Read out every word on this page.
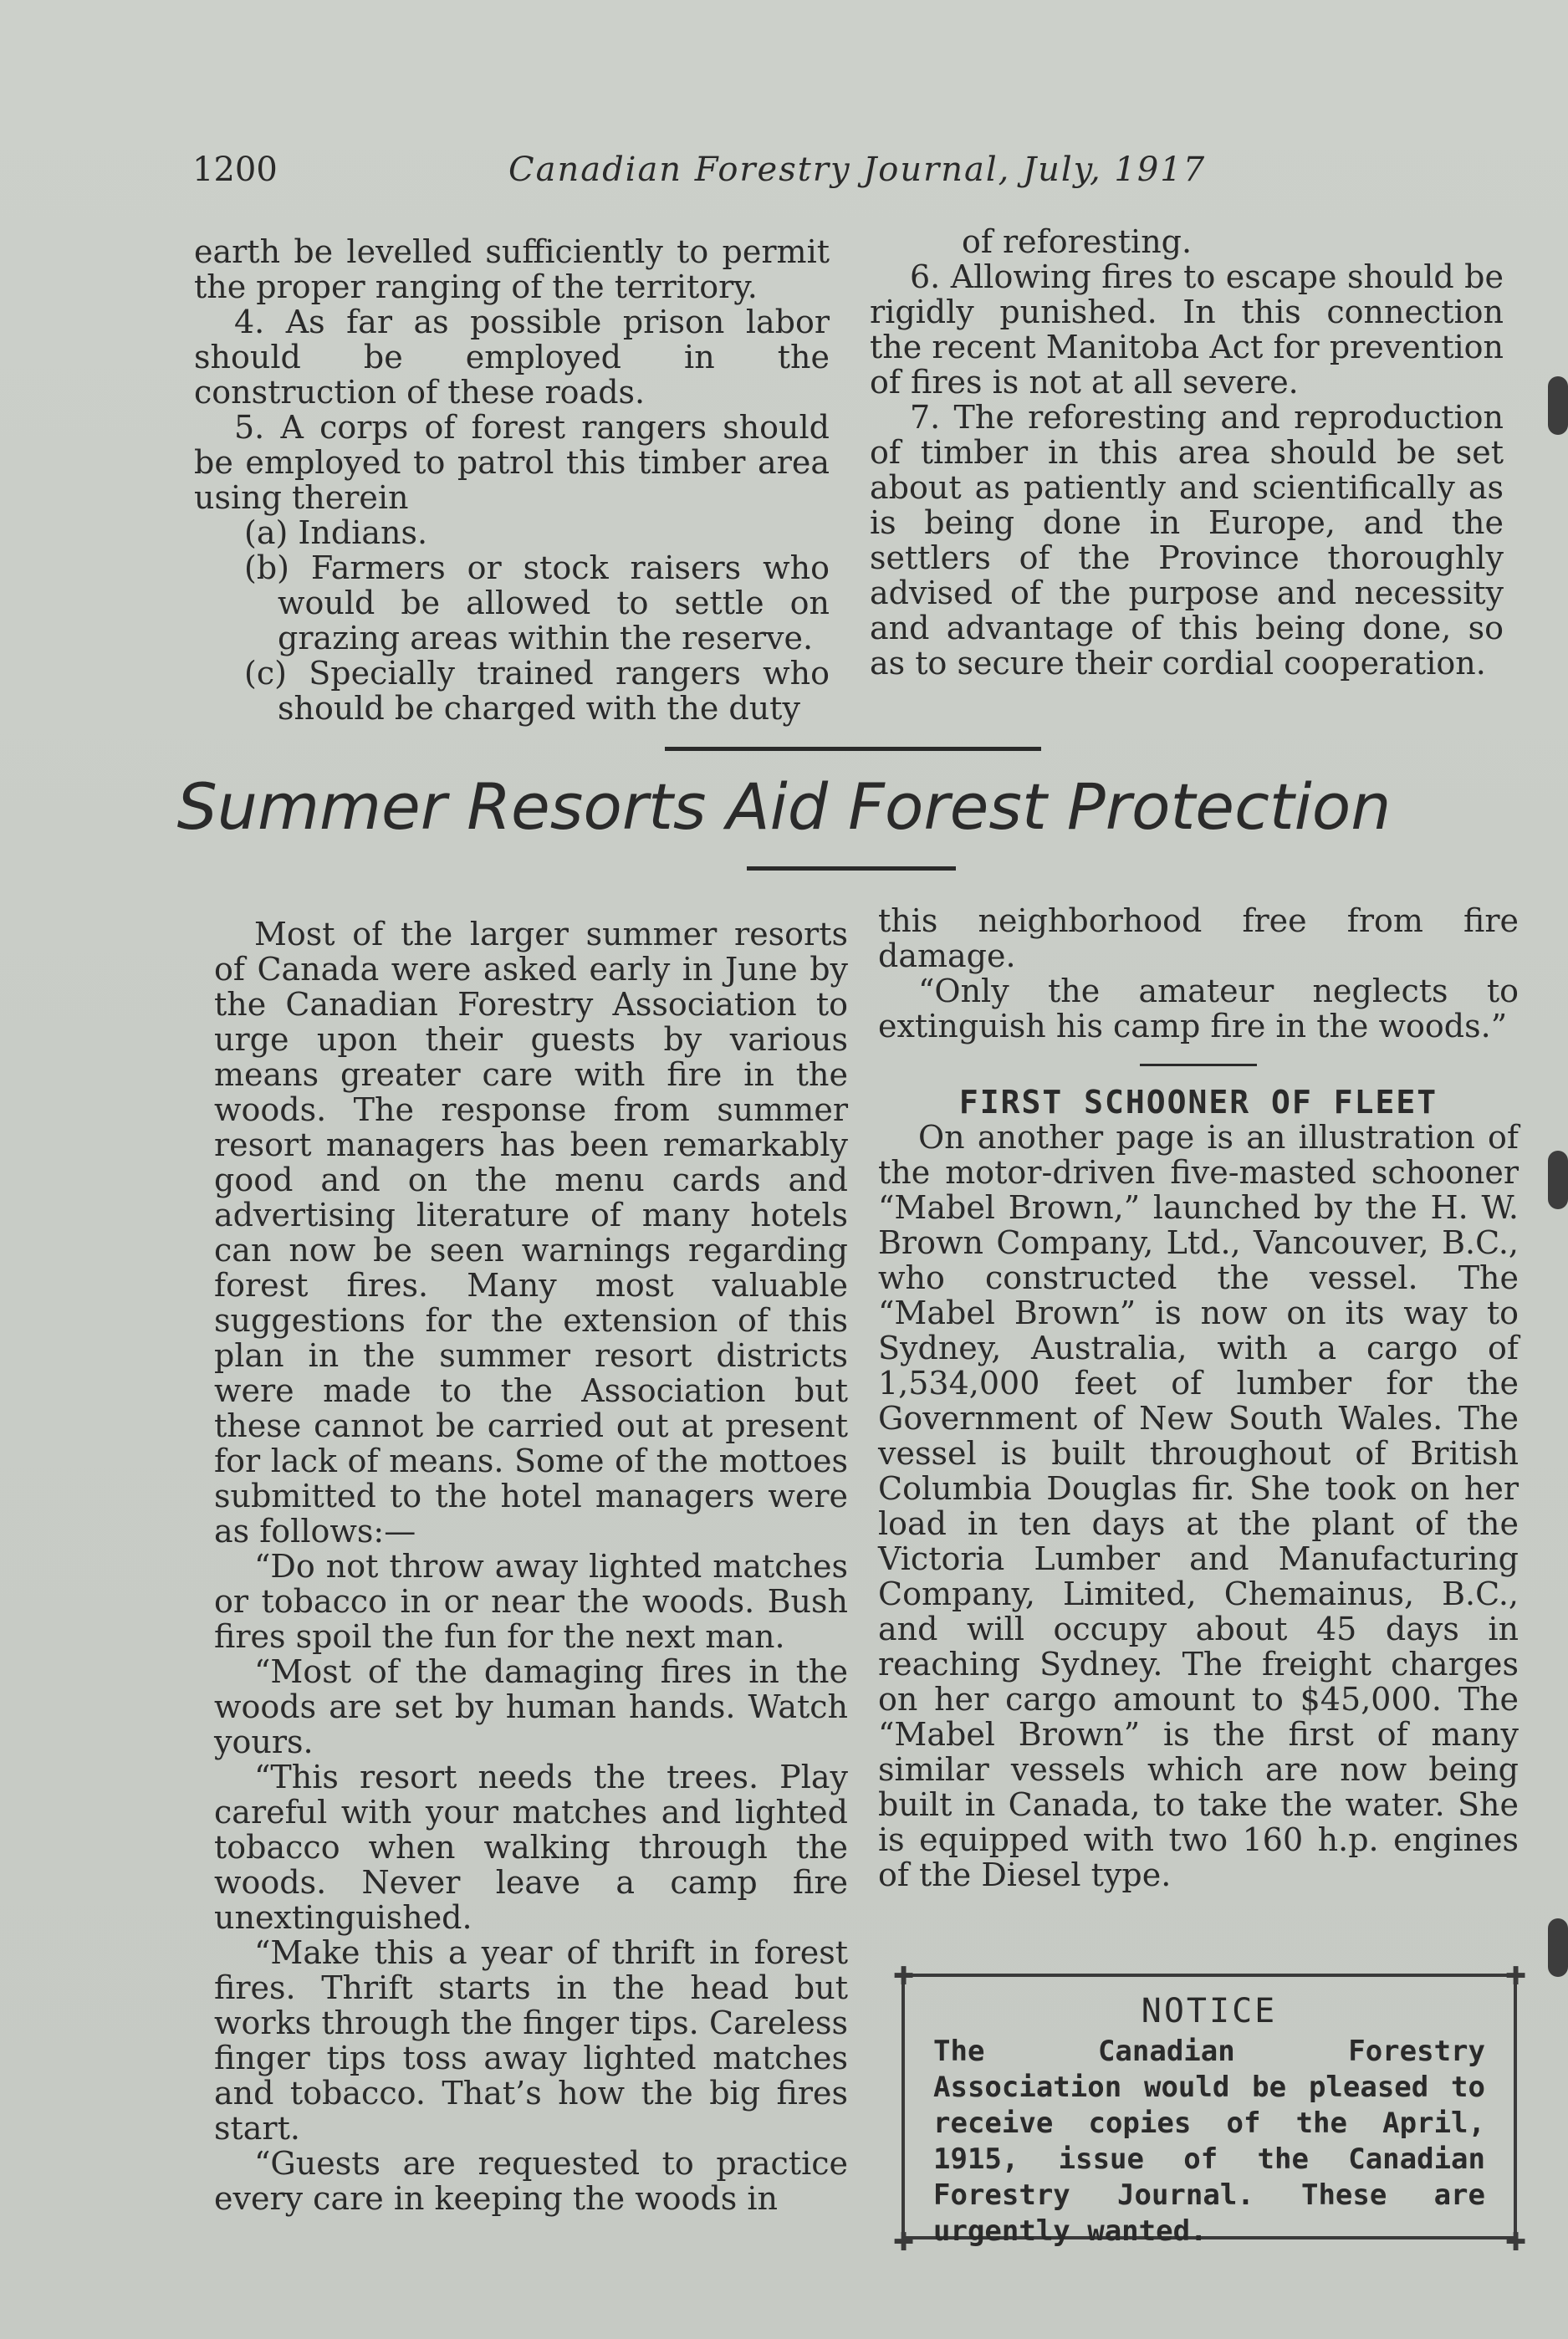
1200	Canadian Forestry Journal, July, 1917

earth be levelled sufficiently to permit the proper ranging of the territory.

4. As far as possible prison labor should be employed in the construction of these roads.

5. A corps of forest rangers should be employed to patrol this timber area using therein

(a) Indians.

(b) Farmers or stock raisers who would be allowed to settle on grazing areas within the reserve.

(c) Specially trained rangers who should be charged with the duty

of reforesting.

6. Allowing fires to escape should be rigidly punished. In this connection the recent Manitoba Act for prevention of fires is not at all severe.

7. The reforesting and reproduction of timber in this area should be set about as patiently and scientifically as is being done in Europe, and the settlers of the Province thoroughly advised of the purpose and necessity and advantage of this being done, so as to secure their cordial cooperation.

Summer Resorts Aid Forest Protection

Most of the larger summer resorts of Canada were asked early in June by the Canadian Forestry Association to urge upon their guests by various means greater care with fire in the woods. The response from summer resort managers has been remarkably good and on the menu cards and advertising literature of many hotels can now be seen warnings regarding forest fires. Many most valuable suggestions for the extension of this plan in the summer resort districts were made to the Association but these cannot be carried out at present for lack of means. Some of the mottoes submitted to the hotel managers were as follows:—

“Do not throw away lighted matches or tobacco in or near the woods. Bush fires spoil the fun for the next man.

“Most of the damaging fires in the woods are set by human hands. Watch yours.

“This resort needs the trees. Play careful with your matches and lighted tobacco when walking through the woods. Never leave a camp fire unextinguished.

“Make this a year of thrift in forest fires. Thrift starts in the head but works through the finger tips. Careless finger tips toss away lighted matches and tobacco. That’s how the big fires start.

“Guests are requested to practice every care in keeping the woods in

this neighborhood free from fire damage.

“Only the amateur neglects to extinguish his camp fire in the woods.”

FIRST SCHOONER OF FLEET

On another page is an illustration of the motor-driven five-masted schooner “Mabel Brown,” launched by the H. W. Brown Company, Ltd., Vancouver, B.C., who constructed the vessel. The “Mabel Brown” is now on its way to Sydney, Australia, with a cargo of 1,534,000 feet of lumber for the Government of New South Wales. The vessel is built throughout of British Columbia Douglas fir. She took on her load in ten days at the plant of the Victoria Lumber and Manufacturing Company, Limited, Chemainus, B.C., and will occupy about 45 days in reaching Sydney. The freight charges on her cargo amount to $45,000. The “Mabel Brown” is the first of many similar vessels which are now being built in Canada, to take the water. She is equipped with two 160 h.p. engines of the Diesel type.

NOTICE
The Canadian Forestry Association would be pleased to receive copies of the April, 1915, issue of the Canadian Forestry Journal. These are urgently wanted.
✚	✚
✚	✚
